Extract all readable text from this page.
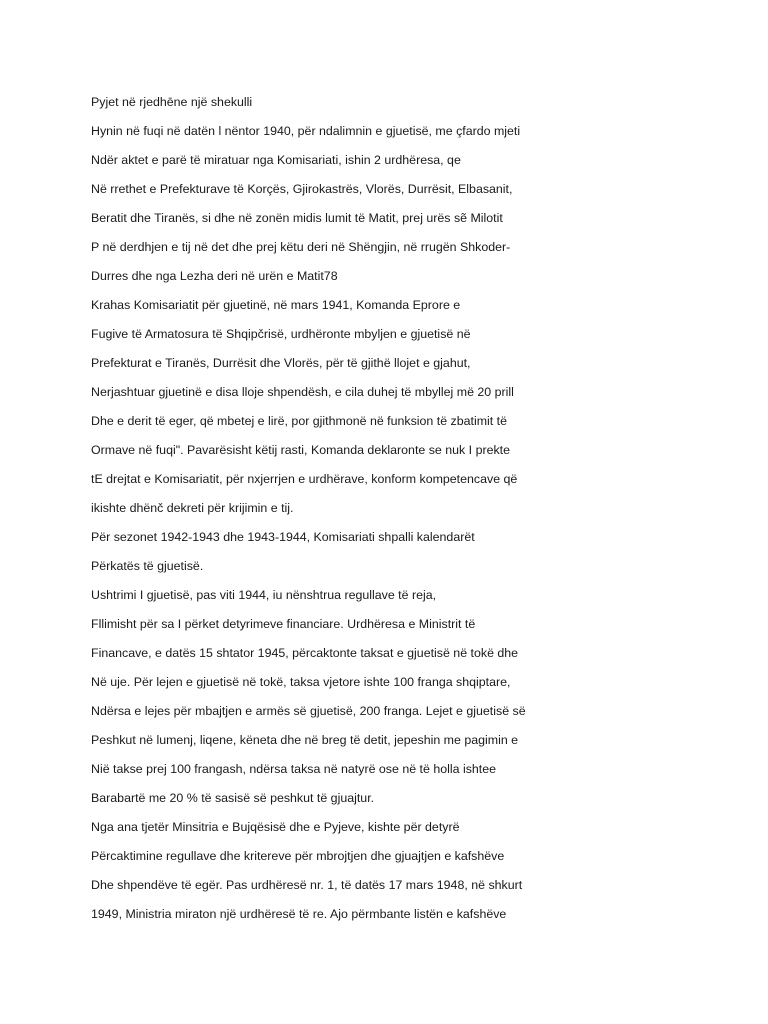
Pyjet në rjedhēne një shekulli
Hynin në fuqi në datën l nëntor 1940, për ndalimnin e gjuetisë, me çfardo mjeti
Ndër aktet e parë të miratuar nga Komisariati, ishin 2 urdhëresa, qe
Në rrethet e Prefekturave të Korçës, Gjirokastrës, Vlorës, Durrësit, Elbasanit,
Beratit dhe Tiranës, si dhe në zonën midis lumit të Matit, prej urës sẽ Milotit
P në derdhjen e tij në det dhe prej këtu deri në Shëngjin, në rrugën Shkoder-
Durres dhe nga Lezha deri në urën e Matit78
Krahas Komisariatit për gjuetinë, në mars 1941, Komanda Eprore e
Fugive të Armatosura të Shqipčrisë, urdhëronte mbyljen e gjuetisë në
Prefekturat e Tiranës, Durrësit dhe Vlorës, për të gjithë llojet e gjahut,
Nerjashtuar gjuetinë e disa lloje shpendësh, e cila duhej të mbyllej më 20 prill
Dhe e derit të eger, që mbetej e lirë, por gjithmonë në funksion të zbatimit të
Ormave në fuqi". Pavarësisht këtij rasti, Komanda deklaronte se nuk I prekte
tE drejtat e Komisariatit, për nxjerrjen e urdhërave, konform kompetencave që
ikishte dhënč dekreti për krijimin e tij.
Për sezonet 1942-1943 dhe 1943-1944, Komisariati shpalli kalendarët
Përkatës të gjuetisë.
Ushtrimi I gjuetisë, pas viti 1944, iu nënshtrua regullave të reja,
Fllimisht për sa I përket detyrimeve financiare. Urdhëresa e Ministrit të
Financave, e datës 15 shtator 1945, përcaktonte taksat e gjuetisë në tokë dhe
Në uje. Për lejen e gjuetisë në tokë, taksa vjetore ishte 100 franga shqiptare,
Ndërsa e lejes për mbajtjen e armës së gjuetisë, 200 franga. Lejet e gjuetisë së
Peshkut në lumenj, liqene, këneta dhe në breg të detit, jepeshin me pagimin e
Nië takse prej 100 frangash, ndërsa taksa në natyrë ose në të holla ishtee
Barabartë me 20 % të sasisë së peshkut të gjuajtur.
Nga ana tjetër Minsitria e Bujqësisë dhe e Pyjeve, kishte për detyrë
Përcaktimine regullave dhe kritereve për mbrojtjen dhe gjuajtjen e kafshëve
Dhe shpendëve të egër. Pas urdhëresë nr. 1, të datës 17 mars 1948, në shkurt
1949, Ministria miraton një urdhëresë të re. Ajo përmbante listën e kafshëve
